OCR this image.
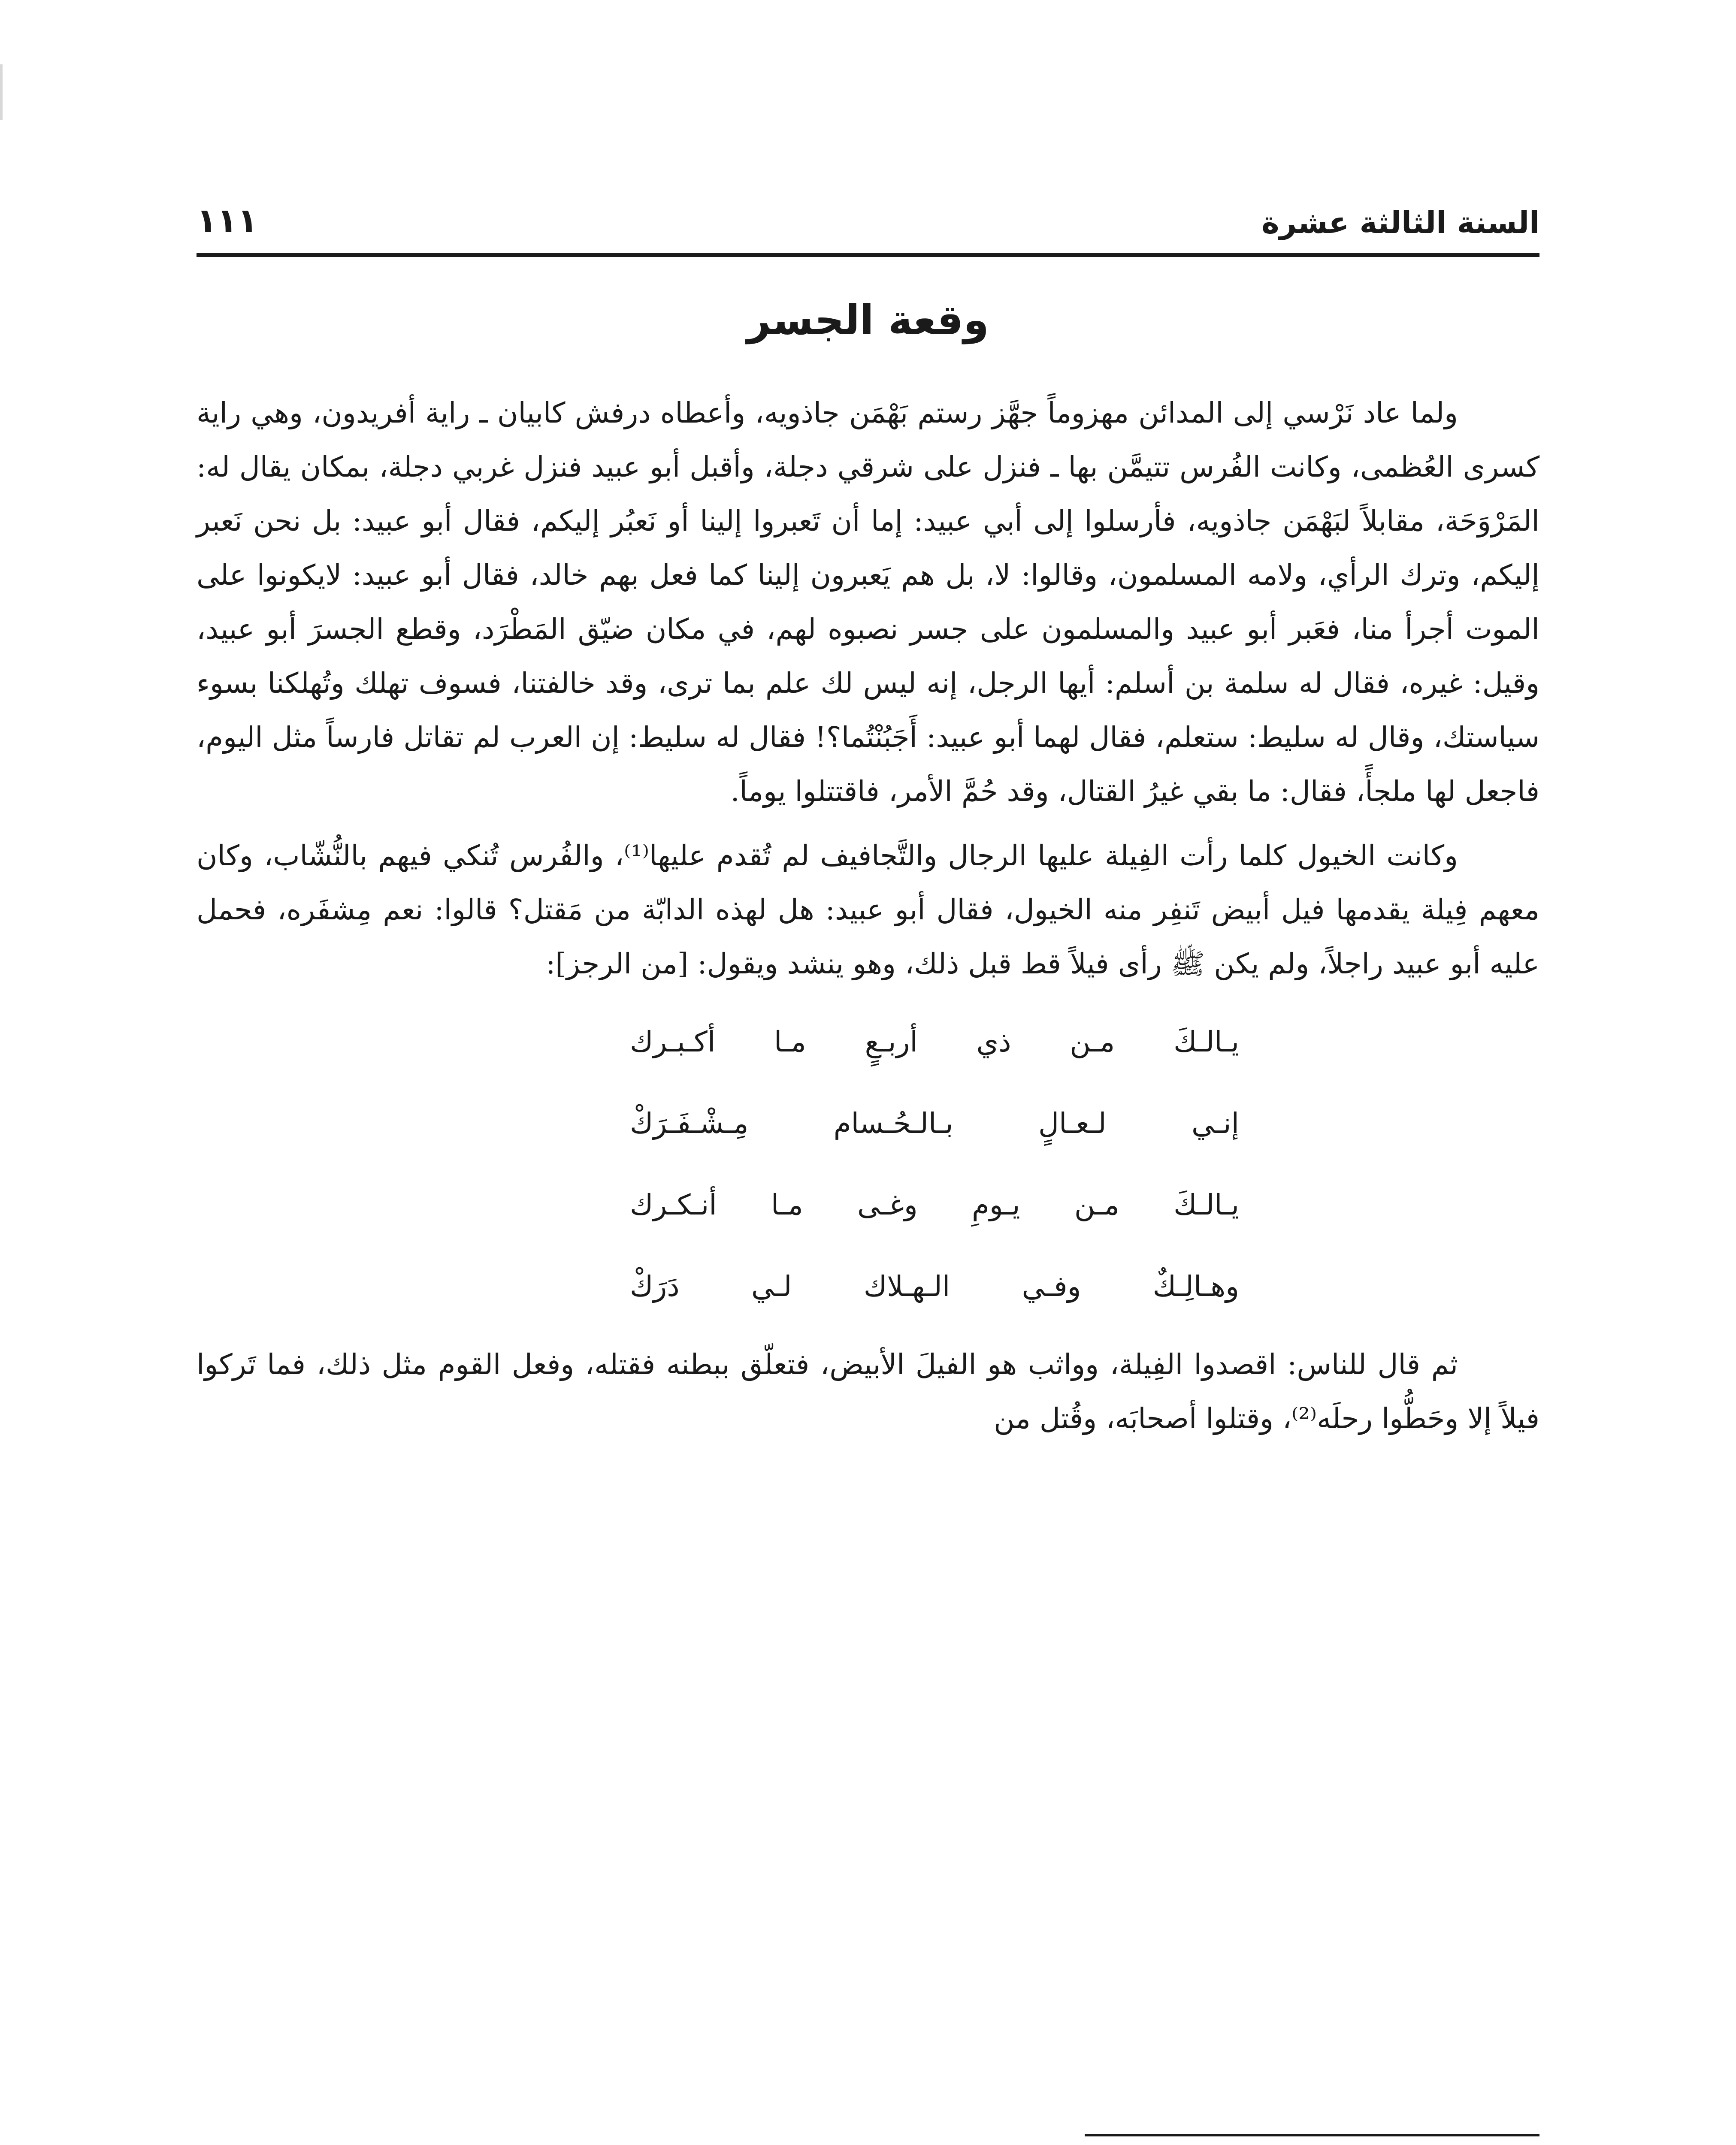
السنة الثالثة عشرة
١١١
وقعة الجسر

ولما عاد نَرْسي إلى المدائن مهزوماً جهَّز رستم بَهْمَن جاذويه، وأعطاه درفش كابيان ـ راية أفريدون، وهي راية كسرى العُظمى، وكانت الفُرس تتيمَّن بها ـ فنزل على شرقي دجلة، وأقبل أبو عبيد فنزل غربي دجلة، بمكان يقال له: المَرْوَحَة، مقابلاً لبَهْمَن جاذويه، فأرسلوا إلى أبي عبيد: إما أن تَعبروا إلينا أو نَعبُر إليكم، فقال أبو عبيد: بل نحن نَعبر إليكم، وترك الرأي، ولامه المسلمون، وقالوا: لا، بل هم يَعبرون إلينا كما فعل بهم خالد، فقال أبو عبيد: لايكونوا على الموت أجرأ منا، فعَبر أبو عبيد والمسلمون على جسر نصبوه لهم، في مكان ضيّق المَطْرَد، وقطع الجسرَ أبو عبيد، وقيل: غيره، فقال له سلمة بن أسلم: أيها الرجل، إنه ليس لك علم بما ترى، وقد خالفتنا، فسوف تهلك وتُهلكنا بسوء سياستك، وقال له سليط: ستعلم، فقال لهما أبو عبيد: أَجَبُنْتُما؟! فقال له سليط: إن العرب لم تقاتل فارساً مثل اليوم، فاجعل لها ملجأً، فقال: ما بقي غيرُ القتال، وقد حُمَّ الأمر، فاقتتلوا يوماً.

وكانت الخيول كلما رأت الفِيلة عليها الرجال والتَّجافيف لم تُقدم عليها⁽¹⁾، والفُرس تُنكي فيهم بالنُّشّاب، وكان معهم فِيلة يقدمها فيل أبيض تَنفِر منه الخيول، فقال أبو عبيد: هل لهذه الدابّة من مَقتل؟ قالوا: نعم مِشفَره، فحمل عليه أبو عبيد راجلاً، ولم يكن ﷺ رأى فيلاً قط قبل ذلك، وهو ينشد ويقول: [من الرجز]:

يـالـكَ مـن ذي أربـعٍ مـا أكـبـرك
إنـي لـعـالٍ بـالـحُـسام مِـشْـفَـرَكْ
يـالـكَ مـن يـومِ وغـى مـا أنـكـرك
وهـالِـكٌ وفـي الـهـلاك لـي دَرَكْ

ثم قال للناس: اقصدوا الفِيلة، وواثب هو الفيلَ الأبيض، فتعلّق ببطنه فقتله، وفعل القوم مثل ذلك، فما تَركوا فيلاً إلا وحَطُّوا رحلَه⁽²⁾، وقتلوا أصحابَه، وقُتل من
